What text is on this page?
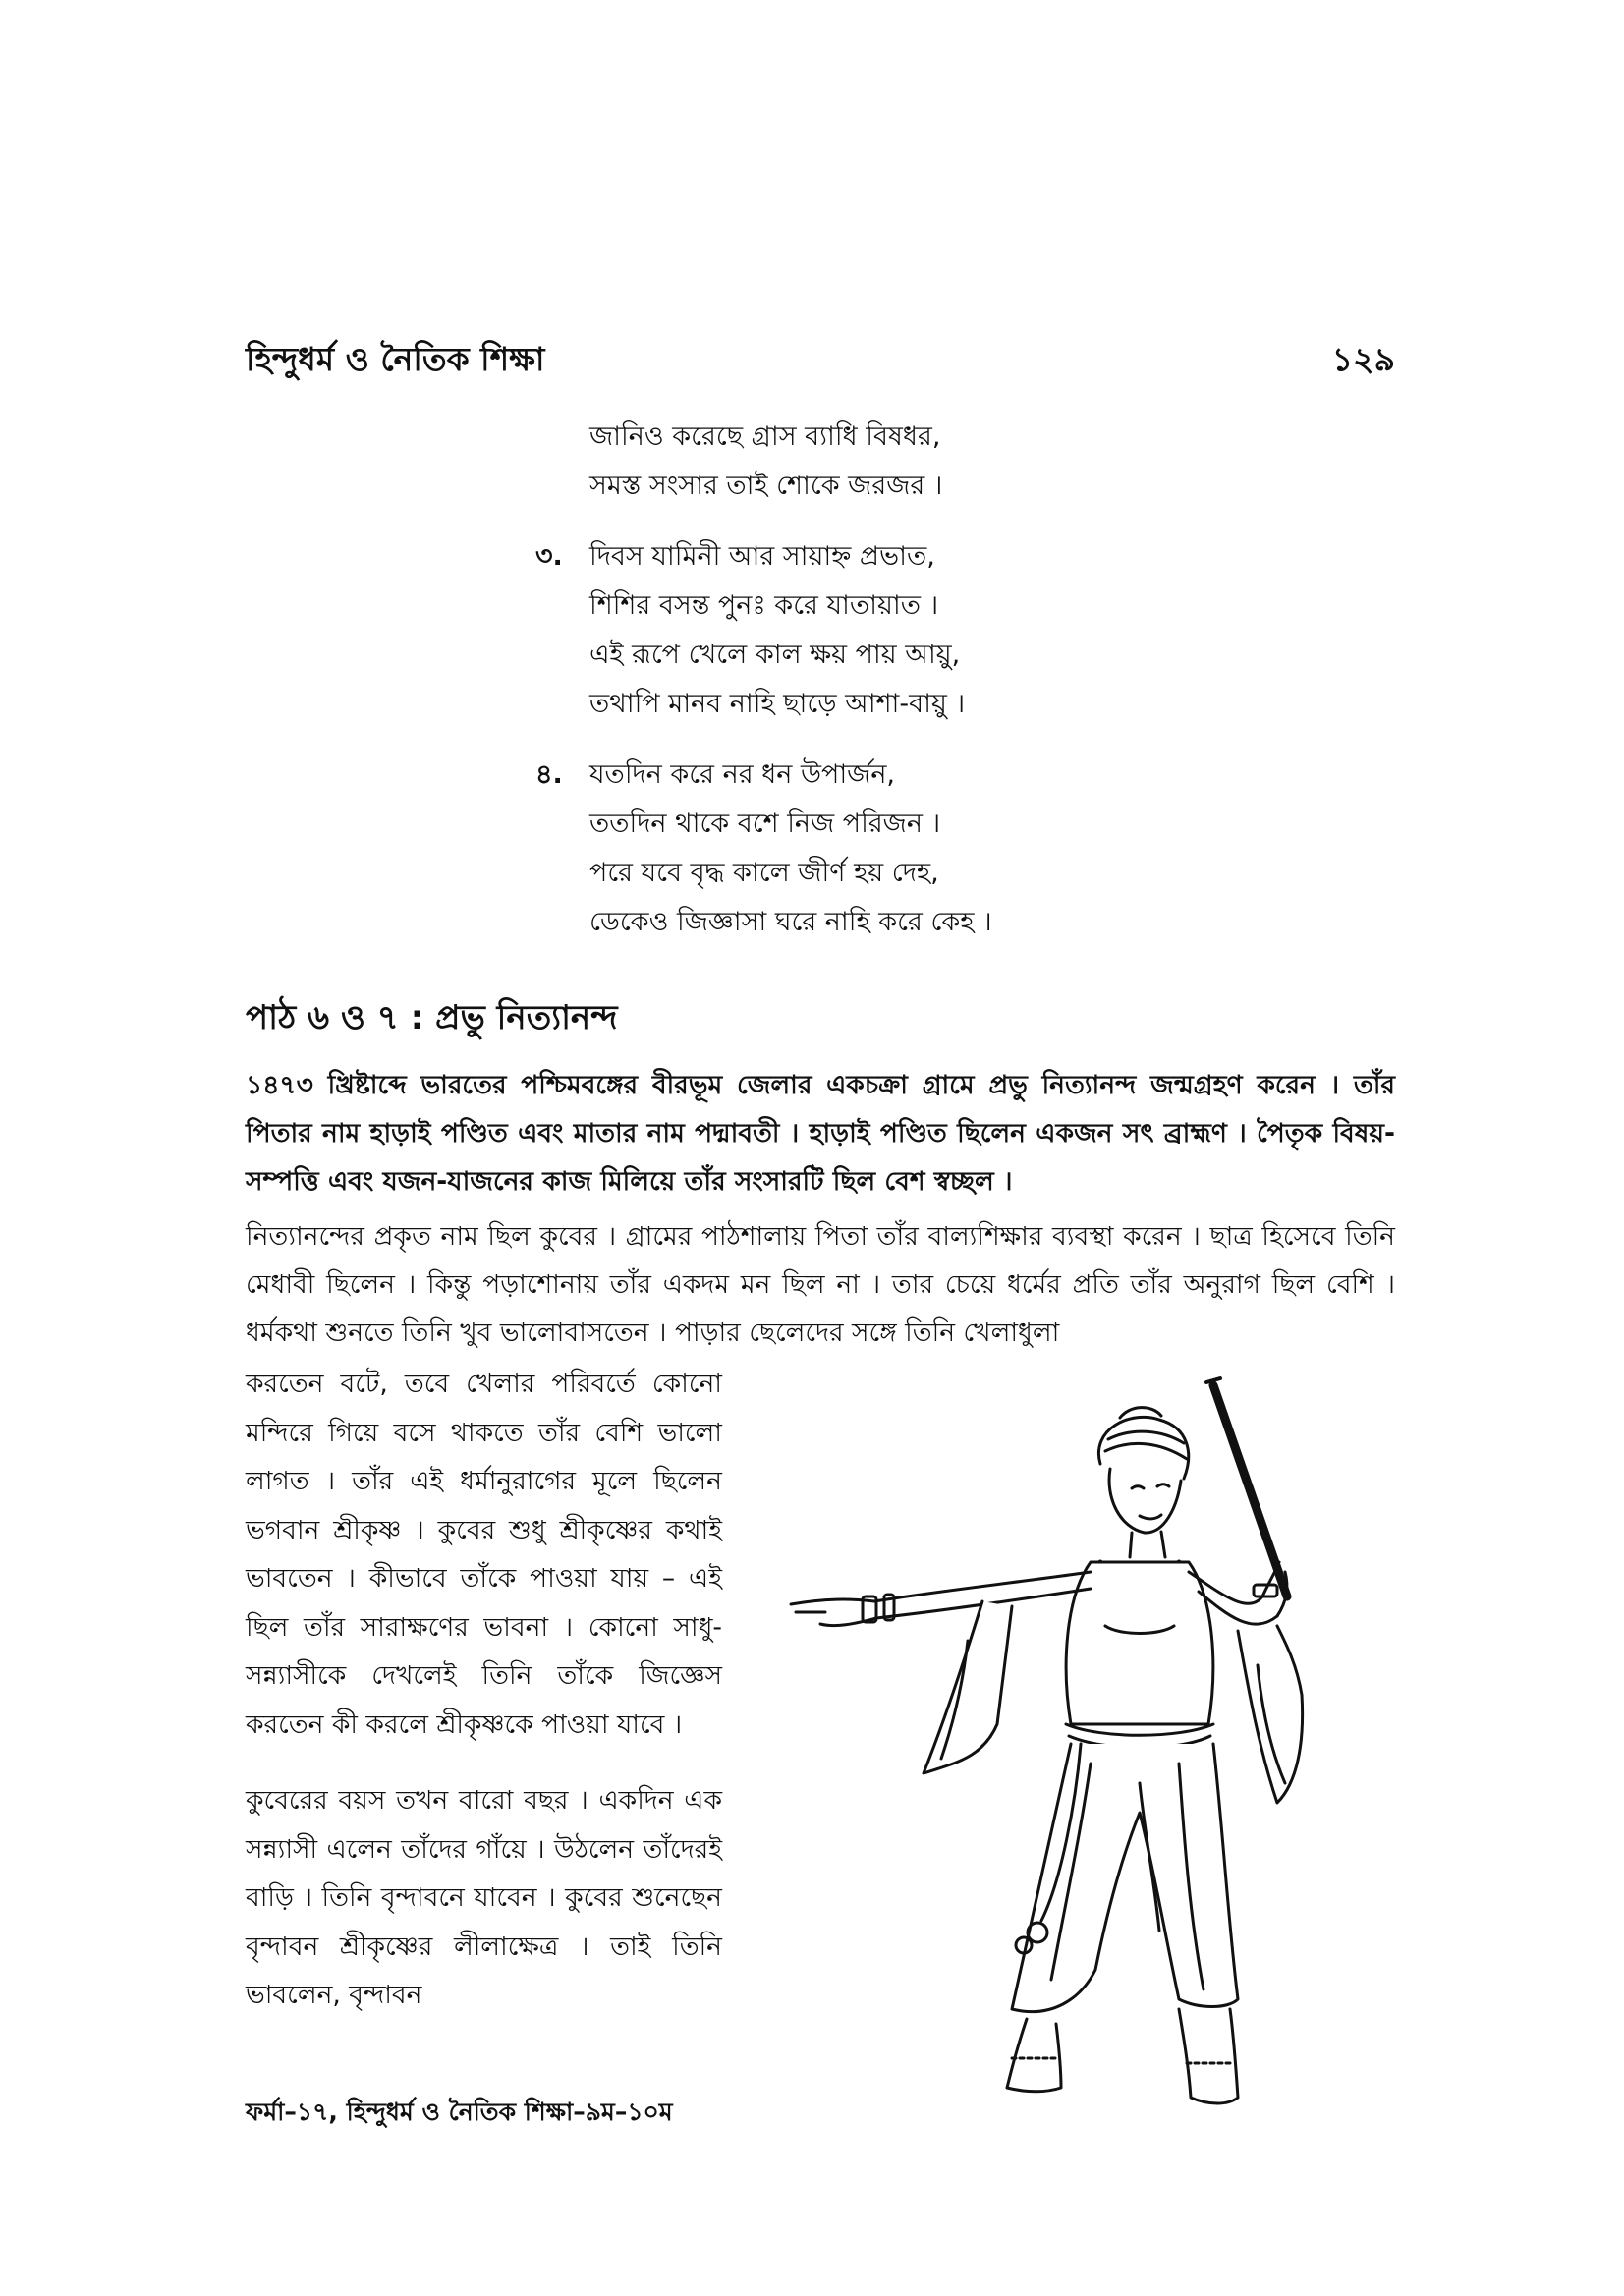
হিন্দুধর্ম ও নৈতিক শিক্ষা	১২৯
জানিও করেছে গ্রাস ব্যাধি বিষধর,
সমস্ত সংসার তাই শোকে জরজর ।
৩.	দিবস যামিনী আর সায়াহ্ন প্রভাত,
শিশির বসন্ত পুনঃ করে যাতায়াত ।
এই রূপে খেলে কাল ক্ষয় পায় আয়ু,
তথাপি মানব নাহি ছাড়ে আশা-বায়ু ।
৪.	যতদিন করে নর ধন উপার্জন,
ততদিন থাকে বশে নিজ পরিজন ।
পরে যবে বৃদ্ধ কালে জীর্ণ হয় দেহ,
ডেকেও জিজ্ঞাসা ঘরে নাহি করে কেহ ।
পাঠ ৬ ও ৭ : প্রভু নিত্যানন্দ
১৪৭৩ খ্রিষ্টাব্দে ভারতের পশ্চিমবঙ্গের বীরভূম জেলার একচক্রা গ্রামে প্রভু নিত্যানন্দ জন্মগ্রহণ করেন । তাঁর পিতার নাম হাড়াই পণ্ডিত এবং মাতার নাম পদ্মাবতী । হাড়াই পণ্ডিত ছিলেন একজন সৎ ব্রাহ্মণ । পৈতৃক বিষয়-সম্পত্তি এবং যজন-যাজনের কাজ মিলিয়ে তাঁর সংসারটি ছিল বেশ স্বচ্ছল ।
নিত্যানন্দের প্রকৃত নাম ছিল কুবের । গ্রামের পাঠশালায় পিতা তাঁর বাল্যশিক্ষার ব্যবস্থা করেন । ছাত্র হিসেবে তিনি মেধাবী ছিলেন । কিন্তু পড়াশোনায় তাঁর একদম মন ছিল না । তার চেয়ে ধর্মের প্রতি তাঁর অনুরাগ ছিল বেশি । ধর্মকথা শুনতে তিনি খুব ভালোবাসতেন । পাড়ার ছেলেদের সঙ্গে তিনি খেলাধুলা
করতেন বটে, তবে খেলার পরিবর্তে কোনো মন্দিরে গিয়ে বসে থাকতে তাঁর বেশি ভালো লাগত । তাঁর এই ধর্মানুরাগের মূলে ছিলেন ভগবান শ্রীকৃষ্ণ । কুবের শুধু শ্রীকৃষ্ণের কথাই ভাবতেন । কীভাবে তাঁকে পাওয়া যায় – এই ছিল তাঁর সারাক্ষণের ভাবনা । কোনো সাধু- সন্ন্যাসীকে দেখলেই তিনি তাঁকে জিজ্ঞেস করতেন কী করলে শ্রীকৃষ্ণকে পাওয়া যাবে ।
কুবেরের বয়স তখন বারো বছর । একদিন এক সন্ন্যাসী এলেন তাঁদের গাঁয়ে । উঠলেন তাঁদেরই বাড়ি । তিনি বৃন্দাবনে যাবেন । কুবের শুনেছেন বৃন্দাবন শ্রীকৃষ্ণের লীলাক্ষেত্র । তাই তিনি ভাবলেন, বৃন্দাবন
ফর্মা–১৭, হিন্দুধর্ম ও নৈতিক শিক্ষা–৯ম–১০ম
